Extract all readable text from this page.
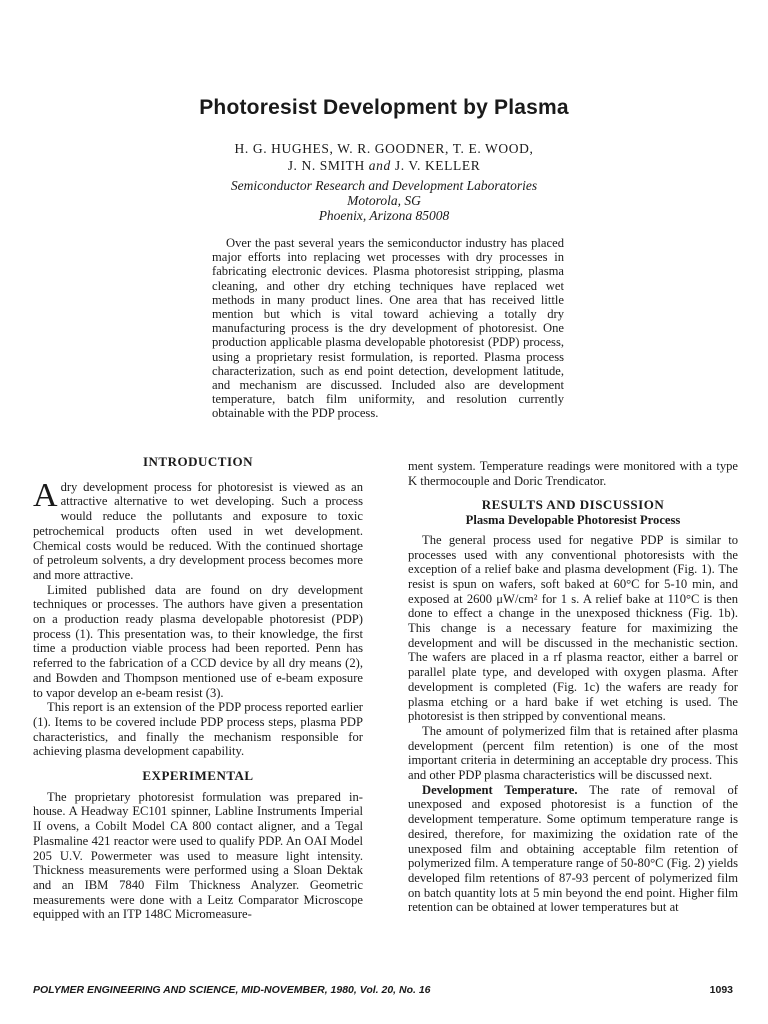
Photoresist Development by Plasma
H. G. HUGHES, W. R. GOODNER, T. E. WOOD,
J. N. SMITH and J. V. KELLER
Semiconductor Research and Development Laboratories
Motorola, SG
Phoenix, Arizona 85008
Over the past several years the semiconductor industry has placed major efforts into replacing wet processes with dry processes in fabricating electronic devices. Plasma photoresist stripping, plasma cleaning, and other dry etching techniques have replaced wet methods in many product lines. One area that has received little mention but which is vital toward achieving a totally dry manufacturing process is the dry development of photoresist. One production applicable plasma developable photoresist (PDP) process, using a proprietary resist formulation, is reported. Plasma process characterization, such as end point detection, development latitude, and mechanism are discussed. Included also are development temperature, batch film uniformity, and resolution currently obtainable with the PDP process.
INTRODUCTION

Adry development process for photoresist is viewed as an attractive alternative to wet developing. Such a process would reduce the pollutants and exposure to toxic petrochemical products often used in wet development. Chemical costs would be reduced. With the continued shortage of petroleum solvents, a dry development process becomes more and more attractive.

Limited published data are found on dry development techniques or processes. The authors have given a presentation on a production ready plasma developable photoresist (PDP) process (1). This presentation was, to their knowledge, the first time a production viable process had been reported. Penn has referred to the fabrication of a CCD device by all dry means (2), and Bowden and Thompson mentioned use of e-beam exposure to vapor develop an e-beam resist (3).

This report is an extension of the PDP process reported earlier (1). Items to be covered include PDP process steps, plasma PDP characteristics, and finally the mechanism responsible for achieving plasma development capability.

EXPERIMENTAL

The proprietary photoresist formulation was prepared in-house. A Headway EC101 spinner, Labline Instruments Imperial II ovens, a Cobilt Model CA 800 contact aligner, and a Tegal Plasmaline 421 reactor were used to qualify PDP. An OAI Model 205 U.V. Powermeter was used to measure light intensity. Thickness measurements were performed using a Sloan Dektak and an IBM 7840 Film Thickness Analyzer. Geometric measurements were done with a Leitz Comparator Microscope equipped with an ITP 148C Micromeasure-

ment system. Temperature readings were monitored with a type K thermocouple and Doric Trendicator.

RESULTS AND DISCUSSION
Plasma Developable Photoresist Process

The general process used for negative PDP is similar to processes used with any conventional photoresists with the exception of a relief bake and plasma development (Fig. 1). The resist is spun on wafers, soft baked at 60°C for 5-10 min, and exposed at 2600 μW/cm² for 1 s. A relief bake at 110°C is then done to effect a change in the unexposed thickness (Fig. 1b). This change is a necessary feature for maximizing the development and will be discussed in the mechanistic section. The wafers are placed in a rf plasma reactor, either a barrel or parallel plate type, and developed with oxygen plasma. After development is completed (Fig. 1c) the wafers are ready for plasma etching or a hard bake if wet etching is used. The photoresist is then stripped by conventional means.

The amount of polymerized film that is retained after plasma development (percent film retention) is one of the most important criteria in determining an acceptable dry process. This and other PDP plasma characteristics will be discussed next.

Development Temperature. The rate of removal of unexposed and exposed photoresist is a function of the development temperature. Some optimum temperature range is desired, therefore, for maximizing the oxidation rate of the unexposed film and obtaining acceptable film retention of polymerized film. A temperature range of 50-80°C (Fig. 2) yields developed film retentions of 87-93 percent of polymerized film on batch quantity lots at 5 min beyond the end point. Higher film retention can be obtained at lower temperatures but at

POLYMER ENGINEERING AND SCIENCE, MID-NOVEMBER, 1980, Vol. 20, No. 16	1093
